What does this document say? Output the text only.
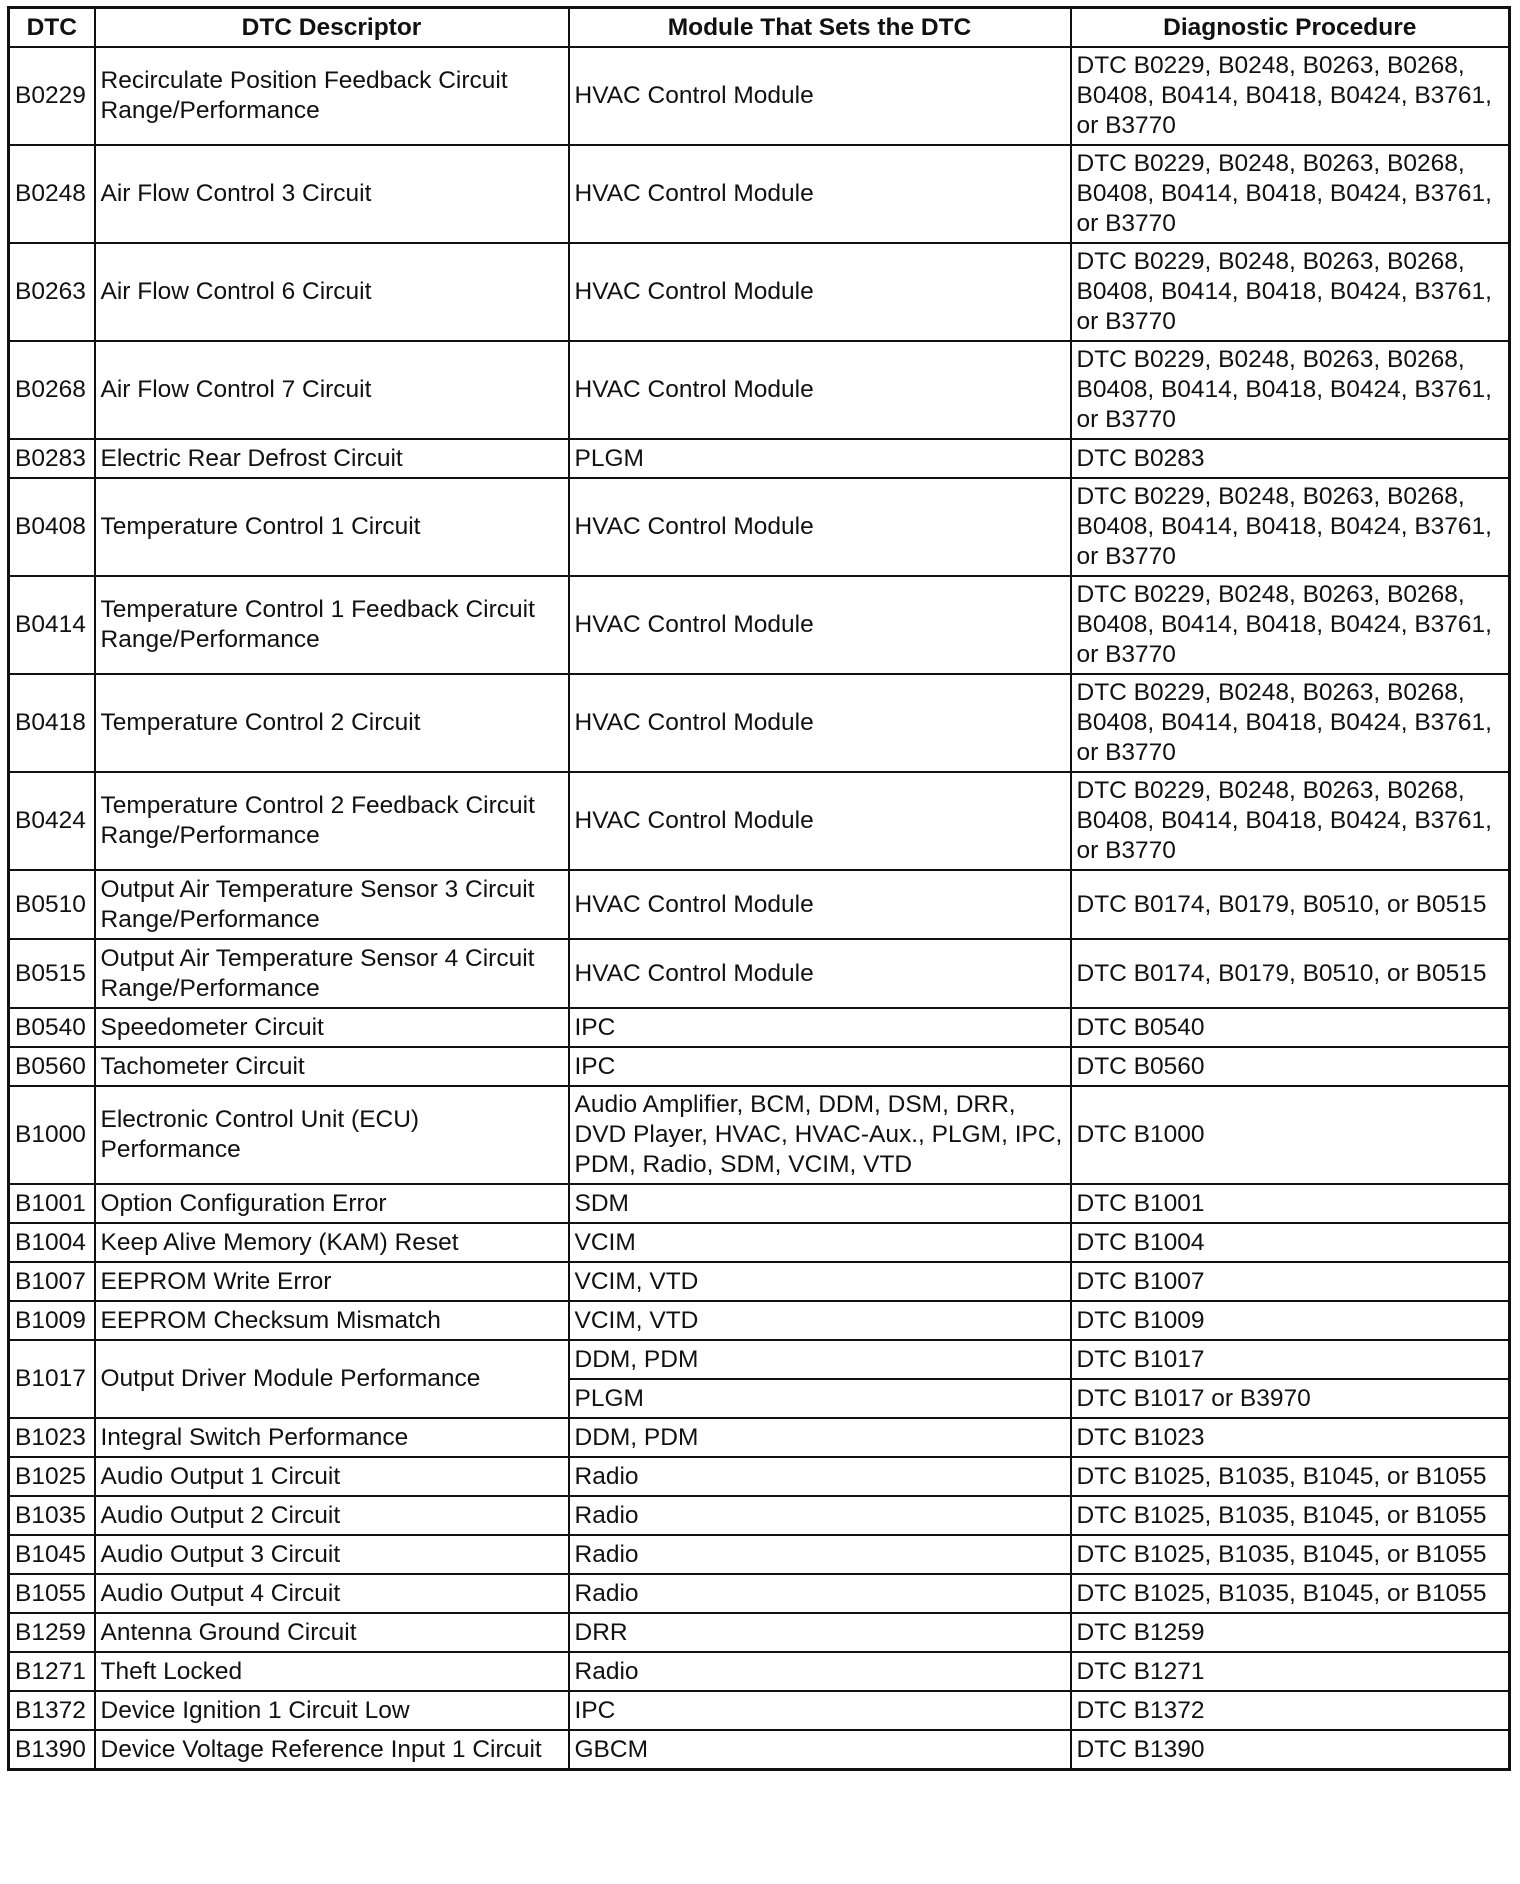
DTC	DTC Descriptor	Module That Sets the DTC	Diagnostic Procedure
B0229	Recirculate Position Feedback Circuit Range/Performance	HVAC Control Module	DTC B0229, B0248, B0263, B0268, B0408, B0414, B0418, B0424, B3761, or B3770
B0248	Air Flow Control 3 Circuit	HVAC Control Module	DTC B0229, B0248, B0263, B0268, B0408, B0414, B0418, B0424, B3761, or B3770
B0263	Air Flow Control 6 Circuit	HVAC Control Module	DTC B0229, B0248, B0263, B0268, B0408, B0414, B0418, B0424, B3761, or B3770
B0268	Air Flow Control 7 Circuit	HVAC Control Module	DTC B0229, B0248, B0263, B0268, B0408, B0414, B0418, B0424, B3761, or B3770
B0283	Electric Rear Defrost Circuit	PLGM	DTC B0283
B0408	Temperature Control 1 Circuit	HVAC Control Module	DTC B0229, B0248, B0263, B0268, B0408, B0414, B0418, B0424, B3761, or B3770
B0414	Temperature Control 1 Feedback Circuit Range/Performance	HVAC Control Module	DTC B0229, B0248, B0263, B0268, B0408, B0414, B0418, B0424, B3761, or B3770
B0418	Temperature Control 2 Circuit	HVAC Control Module	DTC B0229, B0248, B0263, B0268, B0408, B0414, B0418, B0424, B3761, or B3770
B0424	Temperature Control 2 Feedback Circuit Range/Performance	HVAC Control Module	DTC B0229, B0248, B0263, B0268, B0408, B0414, B0418, B0424, B3761, or B3770
B0510	Output Air Temperature Sensor 3 Circuit Range/Performance	HVAC Control Module	DTC B0174, B0179, B0510, or B0515
B0515	Output Air Temperature Sensor 4 Circuit Range/Performance	HVAC Control Module	DTC B0174, B0179, B0510, or B0515
B0540	Speedometer Circuit	IPC	DTC B0540
B0560	Tachometer Circuit	IPC	DTC B0560
B1000	Electronic Control Unit (ECU) Performance	Audio Amplifier, BCM, DDM, DSM, DRR, DVD Player, HVAC, HVAC-Aux., PLGM, IPC, PDM, Radio, SDM, VCIM, VTD	DTC B1000
B1001	Option Configuration Error	SDM	DTC B1001
B1004	Keep Alive Memory (KAM) Reset	VCIM	DTC B1004
B1007	EEPROM Write Error	VCIM, VTD	DTC B1007
B1009	EEPROM Checksum Mismatch	VCIM, VTD	DTC B1009
B1017	Output Driver Module Performance	DDM, PDM	DTC B1017
		PLGM	DTC B1017 or B3970
B1023	Integral Switch Performance	DDM, PDM	DTC B1023
B1025	Audio Output 1 Circuit	Radio	DTC B1025, B1035, B1045, or B1055
B1035	Audio Output 2 Circuit	Radio	DTC B1025, B1035, B1045, or B1055
B1045	Audio Output 3 Circuit	Radio	DTC B1025, B1035, B1045, or B1055
B1055	Audio Output 4 Circuit	Radio	DTC B1025, B1035, B1045, or B1055
B1259	Antenna Ground Circuit	DRR	DTC B1259
B1271	Theft Locked	Radio	DTC B1271
B1372	Device Ignition 1 Circuit Low	IPC	DTC B1372
B1390	Device Voltage Reference Input 1 Circuit	GBCM	DTC B1390
